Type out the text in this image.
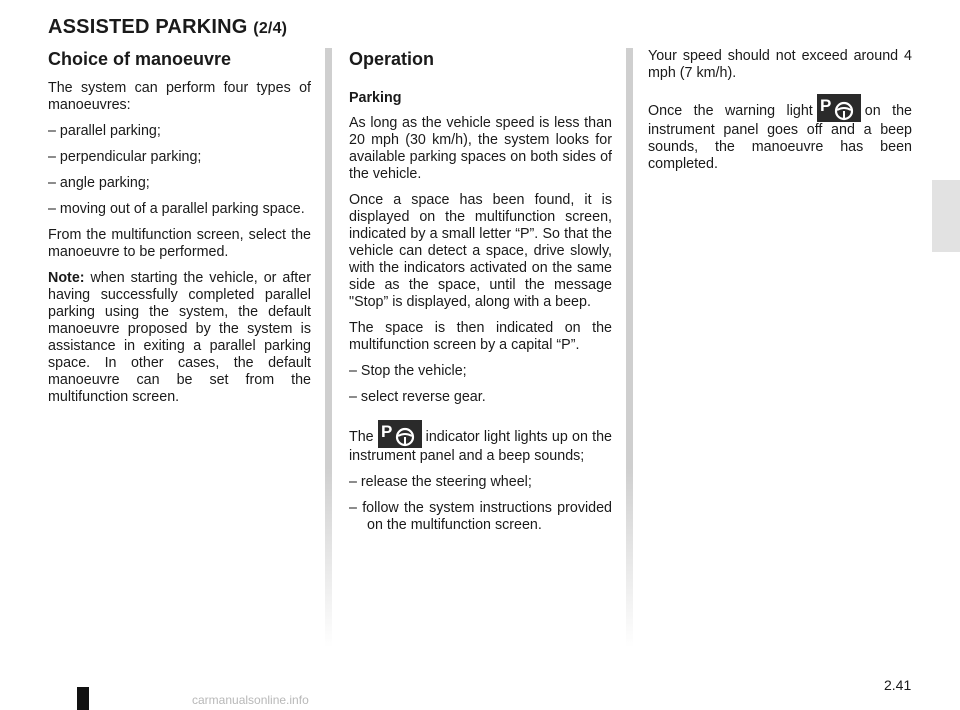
ASSISTED PARKING (2/4)
Choice of manoeuvre

The system can perform four types of manoeuvres:

– parallel parking;

– perpendicular parking;

– angle parking;

– moving out of a parallel parking space.

From the multifunction screen, select the manoeuvre to be performed.

Note: when starting the vehicle, or after having successfully completed parallel parking using the system, the default manoeuvre proposed by the system is assistance in exiting a parallel parking space. In other cases, the default manoeuvre can be set from the multifunction screen.

Operation
Parking

As long as the vehicle speed is less than 20 mph (30 km/h), the system looks for available parking spaces on both sides of the vehicle.

Once a space has been found, it is displayed on the multifunction screen, indicated by a small letter “P”. So that the vehicle can detect a space, drive slowly, with the indicators activated on the same side as the space, until the message "Stop” is displayed, along with a beep.

The space is then indicated on the multifunction screen by a capital “P”.

– Stop the vehicle;

– select reverse gear.

The P indicator light lights up on the instrument panel and a beep sounds;

– release the steering wheel;

– follow the system instructions provided on the multifunction screen.

Your speed should not exceed around 4 mph (7 km/h).

Once the warning light P on the instrument panel goes off and a beep sounds, the manoeuvre has been completed.

2.41
carmanualsonline.info
